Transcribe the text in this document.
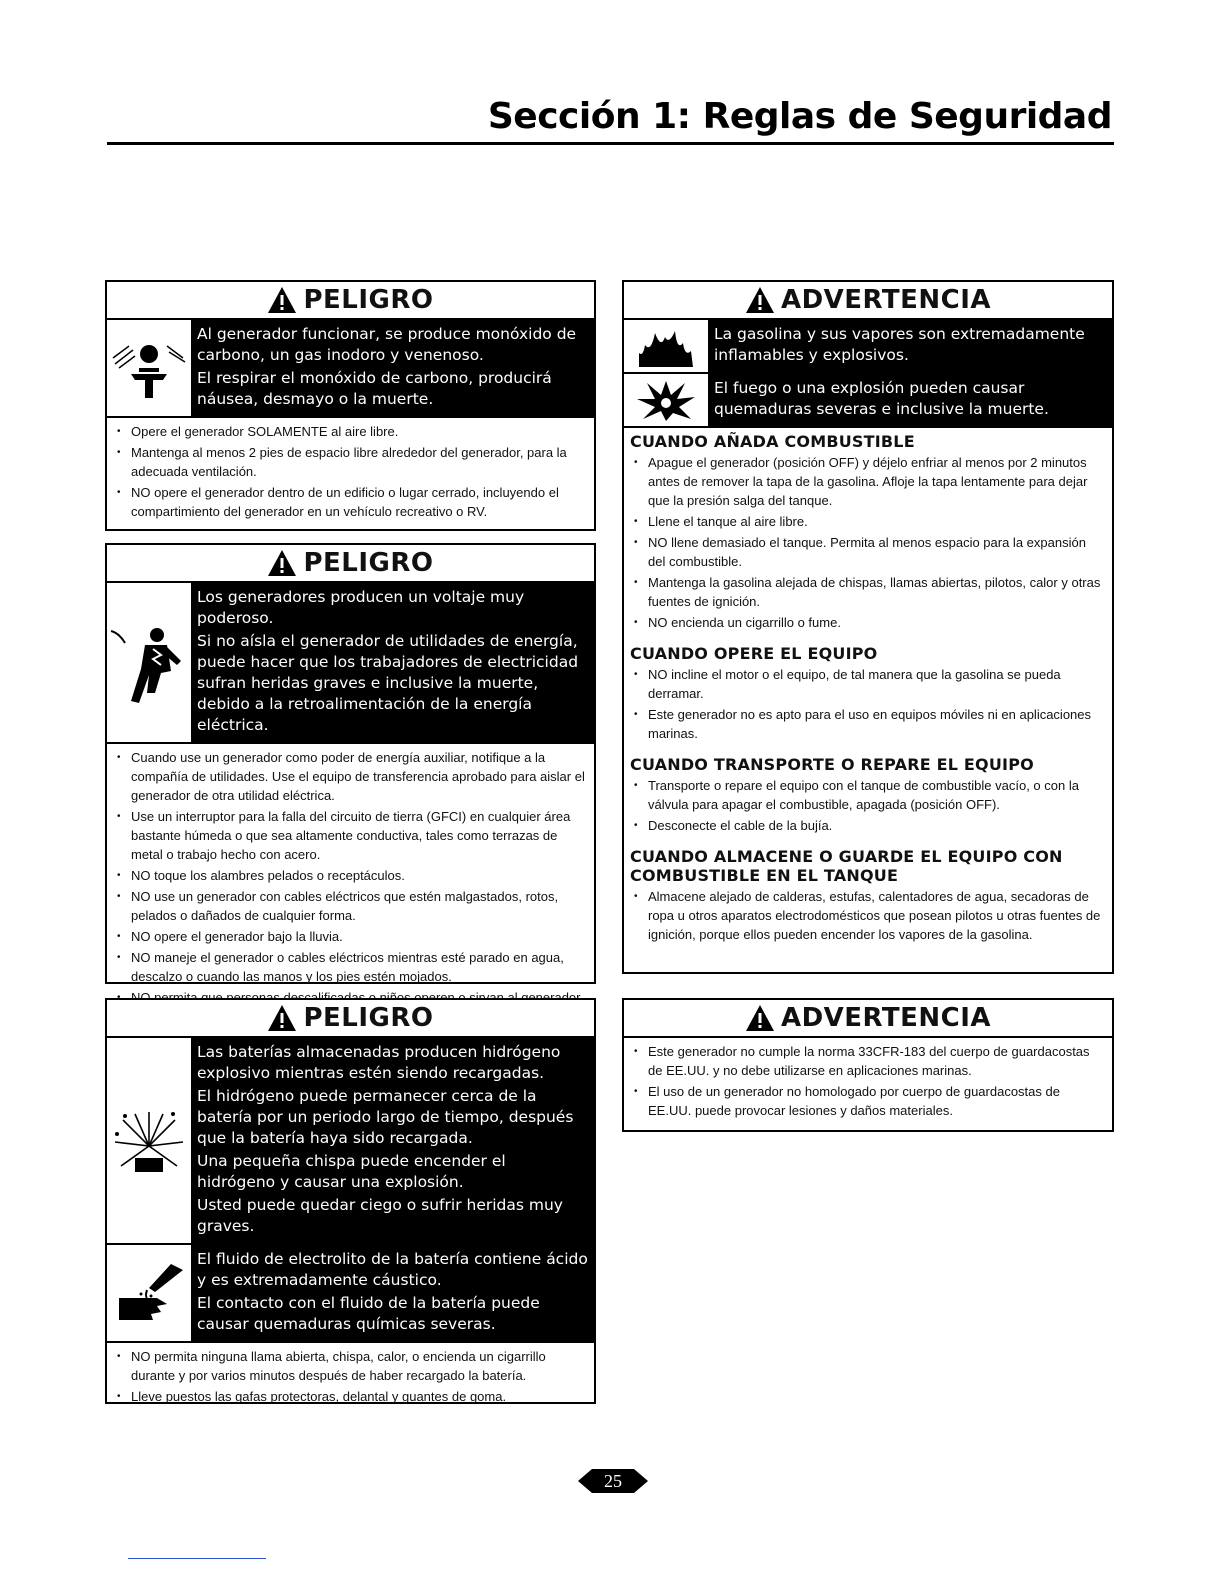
Sección 1: Reglas de Seguridad
PELIGRO

Al generador funcionar, se produce monóxido de carbono, un gas inodoro y venenoso.

El respirar el monóxido de carbono, producirá náusea, desmayo o la muerte.

• Opere el generador SOLAMENTE al aire libre.
• Mantenga al menos 2 pies de espacio libre alrededor del generador, para la adecuada ventilación.
• NO opere el generador dentro de un edificio o lugar cerrado, incluyendo el compartimiento del generador en un vehículo recreativo o RV.
PELIGRO

Los generadores producen un voltaje muy poderoso.

Si no aísla el generador de utilidades de energía, puede hacer que los trabajadores de electricidad sufran heridas graves e inclusive la muerte, debido a la retroalimentación de la energía eléctrica.

• Cuando use un generador como poder de energía auxiliar, notifique a la compañía de utilidades. Use el equipo de transferencia aprobado para aislar el generador de otra utilidad eléctrica.
• Use un interruptor para la falla del circuito de tierra (GFCI) en cualquier área bastante húmeda o que sea altamente conductiva, tales como terrazas de metal o trabajo hecho con acero.
• NO toque los alambres pelados o receptáculos.
• NO use un generador con cables eléctricos que estén malgastados, rotos, pelados o dañados de cualquier forma.
• NO opere el generador bajo la lluvia.
• NO maneje el generador o cables eléctricos mientras esté parado en agua, descalzo o cuando las manos y los pies estén mojados.
•
PELIGRO

Las baterías almacenadas producen hidrógeno explosivo mientras estén siendo recargadas.

El hidrógeno puede permanecer cerca de la batería por un periodo largo de tiempo, después que la batería haya sido recargada.

Una pequeña chispa puede encender el hidrógeno y causar una explosión.

Usted puede quedar ciego o sufrir heridas muy graves.

El fluido de electrolito de la batería contiene ácido y es extremadamente cáustico.

El contacto con el fluido de la batería puede causar quemaduras químicas severas.

• NO permita ninguna llama abierta, chispa, calor, o encienda un cigarrillo durante y por varios minutos después de haber recargado la batería.
• Lleve puestos las gafas protectoras, delantal y guantes de goma.
ADVERTENCIA

La gasolina y sus vapores son extremadamente inflamables y explosivos.

El fuego o una explosión pueden causar quemaduras severas e inclusive la muerte.

CUANDO AÑADA COMBUSTIBLE
• Apague el generador (posición OFF) y déjelo enfriar al menos por 2 minutos antes de remover la tapa de la gasolina. Afloje la tapa lentamente para dejar que la presión salga del tanque.
• Llene el tanque al aire libre.
• NO llene demasiado el tanque. Permita al menos espacio para la expansión del combustible.
• Mantenga la gasolina alejada de chispas, llamas abiertas, pilotos, calor y otras fuentes de ignición.
• NO encienda un cigarrillo o fume.
CUANDO OPERE EL EQUIPO
• NO incline el motor o el equipo, de tal manera que la gasolina se pueda derramar.
• Este generador no es apto para el uso en equipos móviles ni en aplicaciones marinas.
CUANDO TRANSPORTE O REPARE EL EQUIPO
• Transporte o repare el equipo con el tanque de combustible vacío, o con la válvula para apagar el combustible, apagada (posición OFF).
• Desconecte el cable de la bujía.
CUANDO ALMACENE O GUARDE EL EQUIPO CON COMBUSTIBLE EN EL TANQUE
• Almacene alejado de calderas, estufas, calentadores de agua, secadoras de ropa u otros aparatos electrodomésticos que posean pilotos u otras fuentes de ignición, porque ellos pueden encender los vapores de la gasolina.
ADVERTENCIA
• Este generador no cumple la norma 33CFR-183 del cuerpo de guardacostas de EE.UU. y no debe utilizarse en aplicaciones marinas.
• El uso de un generador no homologado por cuerpo de guardacostas de EE.UU. puede provocar lesiones y daños materiales.
25
